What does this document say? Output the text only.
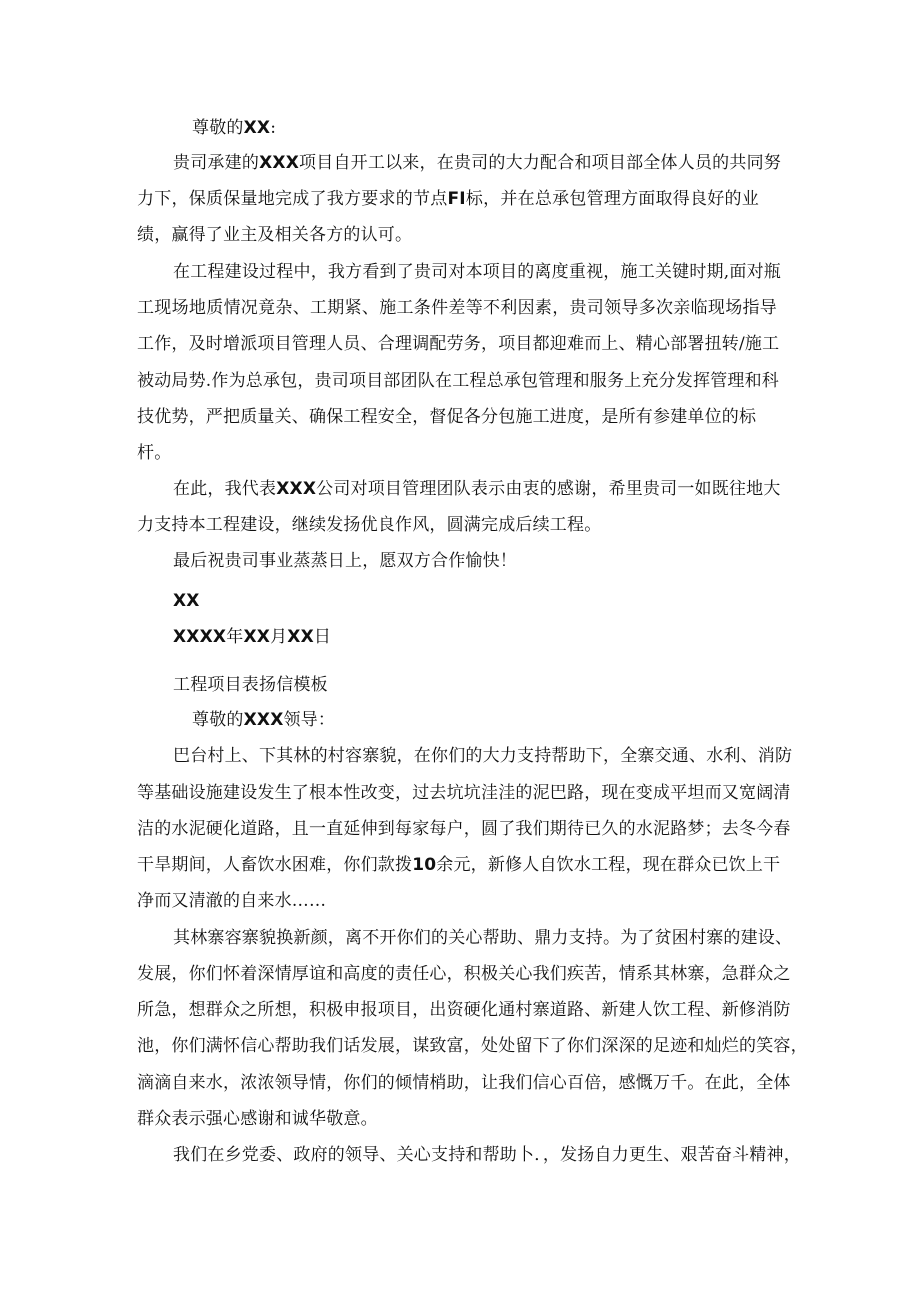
尊敬的XX:
贵司承建的XXX项目自开工以来，在贵司的大力配合和项目部全体人员的共同努
力下，保质保量地完成了我方要求的节点FI标，并在总承包管理方面取得良好的业
绩，赢得了业主及相关各方的认可。
在工程建设过程中，我方看到了贵司对本项目的离度重视，施工关键时期,面对瓶
工现场地质情况竟杂、工期紧、施工条件差等不利因素，贵司领导多次亲临现场指导
工作，及时增派项目管理人员、合理调配劳务，项目都迎难而上、精心部署扭转/施工
被动局势.作为总承包，贵司项目部团队在工程总承包管理和服务上充分发挥管理和科
技优势，严把质量关、确保工程安全，督促各分包施工进度，是所有参建单位的标
杆。
在此，我代表XXX公司对项目管理团队表示由衷的感谢，希里贵司一如既往地大
力支持本工程建设，继续发扬优良作风，圆满完成后续工程。
最后祝贵司事业蒸蒸日上，愿双方合作愉快！
XX
XXXX年XX月XX日
工程项目表扬信模板
尊敬的XXX领导：
巴台村上、下其林的村容寨貌，在你们的大力支持帮助下，全寨交通、水利、消防
等基础设施建设发生了根本性改变，过去坑坑洼洼的泥巴路，现在变成平坦而又宽阔清
洁的水泥硬化道路，且一直延伸到每家每户，圆了我们期待已久的水泥路梦；去冬今春
干旱期间，人畜饮水困难，你们款拨10余元，新修人自饮水工程，现在群众已饮上干
净而又清澈的自来水……
其林寨容寨貌换新颜，离不开你们的关心帮助、鼎力支持。为了贫困村寨的建设、
发展，你们怀着深情厚谊和高度的责任心，积极关心我们疾苦，情系其林寨，急群众之
所急，想群众之所想，积极申报项目，出资硬化通村寨道路、新建人饮工程、新修消防
池，你们满怀信心帮助我们话发展，谋致富，处处留下了你们深深的足迹和灿烂的笑容，
滴滴自来水，浓浓领导情，你们的倾情梢助，让我们信心百倍，感慨万千。在此，全体
群众表示强心感谢和诚华敬意。
我们在乡党委、政府的领导、关心支持和帮助卜．，发扬自力更生、艰苦奋斗精神，
